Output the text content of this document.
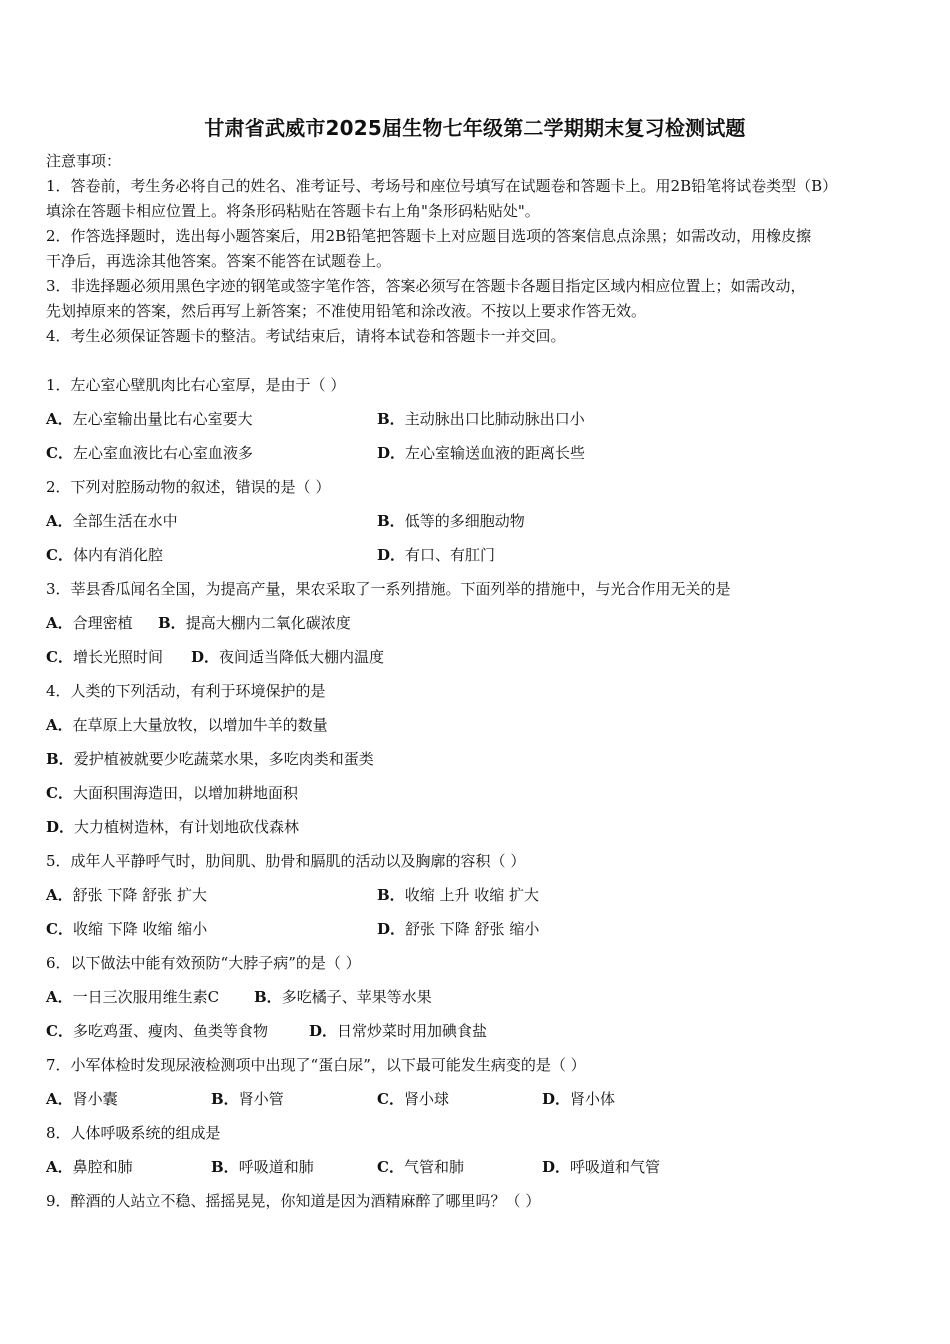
甘肃省武威市2025届生物七年级第二学期期末复习检测试题
注意事项：
1．答卷前，考生务必将自己的姓名、准考证号、考场号和座位号填写在试题卷和答题卡上。用2B铅笔将试卷类型（B）
填涂在答题卡相应位置上。将条形码粘贴在答题卡右上角"条形码粘贴处"。
2．作答选择题时，选出每小题答案后，用2B铅笔把答题卡上对应题目选项的答案信息点涂黑；如需改动，用橡皮擦
干净后，再选涂其他答案。答案不能答在试题卷上。
3．非选择题必须用黑色字迹的钢笔或签字笔作答，答案必须写在答题卡各题目指定区域内相应位置上；如需改动，
先划掉原来的答案，然后再写上新答案；不准使用铅笔和涂改液。不按以上要求作答无效。
4．考生必须保证答题卡的整洁。考试结束后，请将本试卷和答题卡一并交回。
1．左心室心壁肌肉比右心室厚，是由于（ ）
A．左心室输出量比右心室要大	B．主动脉出口比肺动脉出口小
C．左心室血液比右心室血液多	D．左心室输送血液的距离长些
2．下列对腔肠动物的叙述，错误的是（ ）
A．全部生活在水中	B．低等的多细胞动物
C．体内有消化腔	D．有口、有肛门
3．莘县香瓜闻名全国，为提高产量，果农采取了一系列措施。下面列举的措施中，与光合作用无关的是
A．合理密植 B．提高大棚内二氧化碳浓度
C．增长光照时间 D．夜间适当降低大棚内温度
4．人类的下列活动，有利于环境保护的是
A．在草原上大量放牧，以增加牛羊的数量
B．爱护植被就要少吃蔬菜水果，多吃肉类和蛋类
C．大面积围海造田，以增加耕地面积
D．大力植树造林，有计划地砍伐森林
5．成年人平静呼气时，肋间肌、肋骨和膈肌的活动以及胸廓的容积（ ）
A．舒张 下降 舒张 扩大	B．收缩 上升 收缩 扩大
C．收缩 下降 收缩 缩小	D．舒张 下降 舒张 缩小
6．以下做法中能有效预防“大脖子病”的是（ ）
A．一日三次服用维生素C B．多吃橘子、苹果等水果
C．多吃鸡蛋、瘦肉、鱼类等食物	D．日常炒菜时用加碘食盐
7．小军体检时发现尿液检测项中出现了“蛋白尿”，以下最可能发生病变的是（ ）
A．肾小囊	B．肾小管	C．肾小球	D．肾小体
8．人体呼吸系统的组成是
A．鼻腔和肺	B．呼吸道和肺	C．气管和肺	D．呼吸道和气管
9．醉酒的人站立不稳、摇摇晃晃，你知道是因为酒精麻醉了哪里吗？（ ）
